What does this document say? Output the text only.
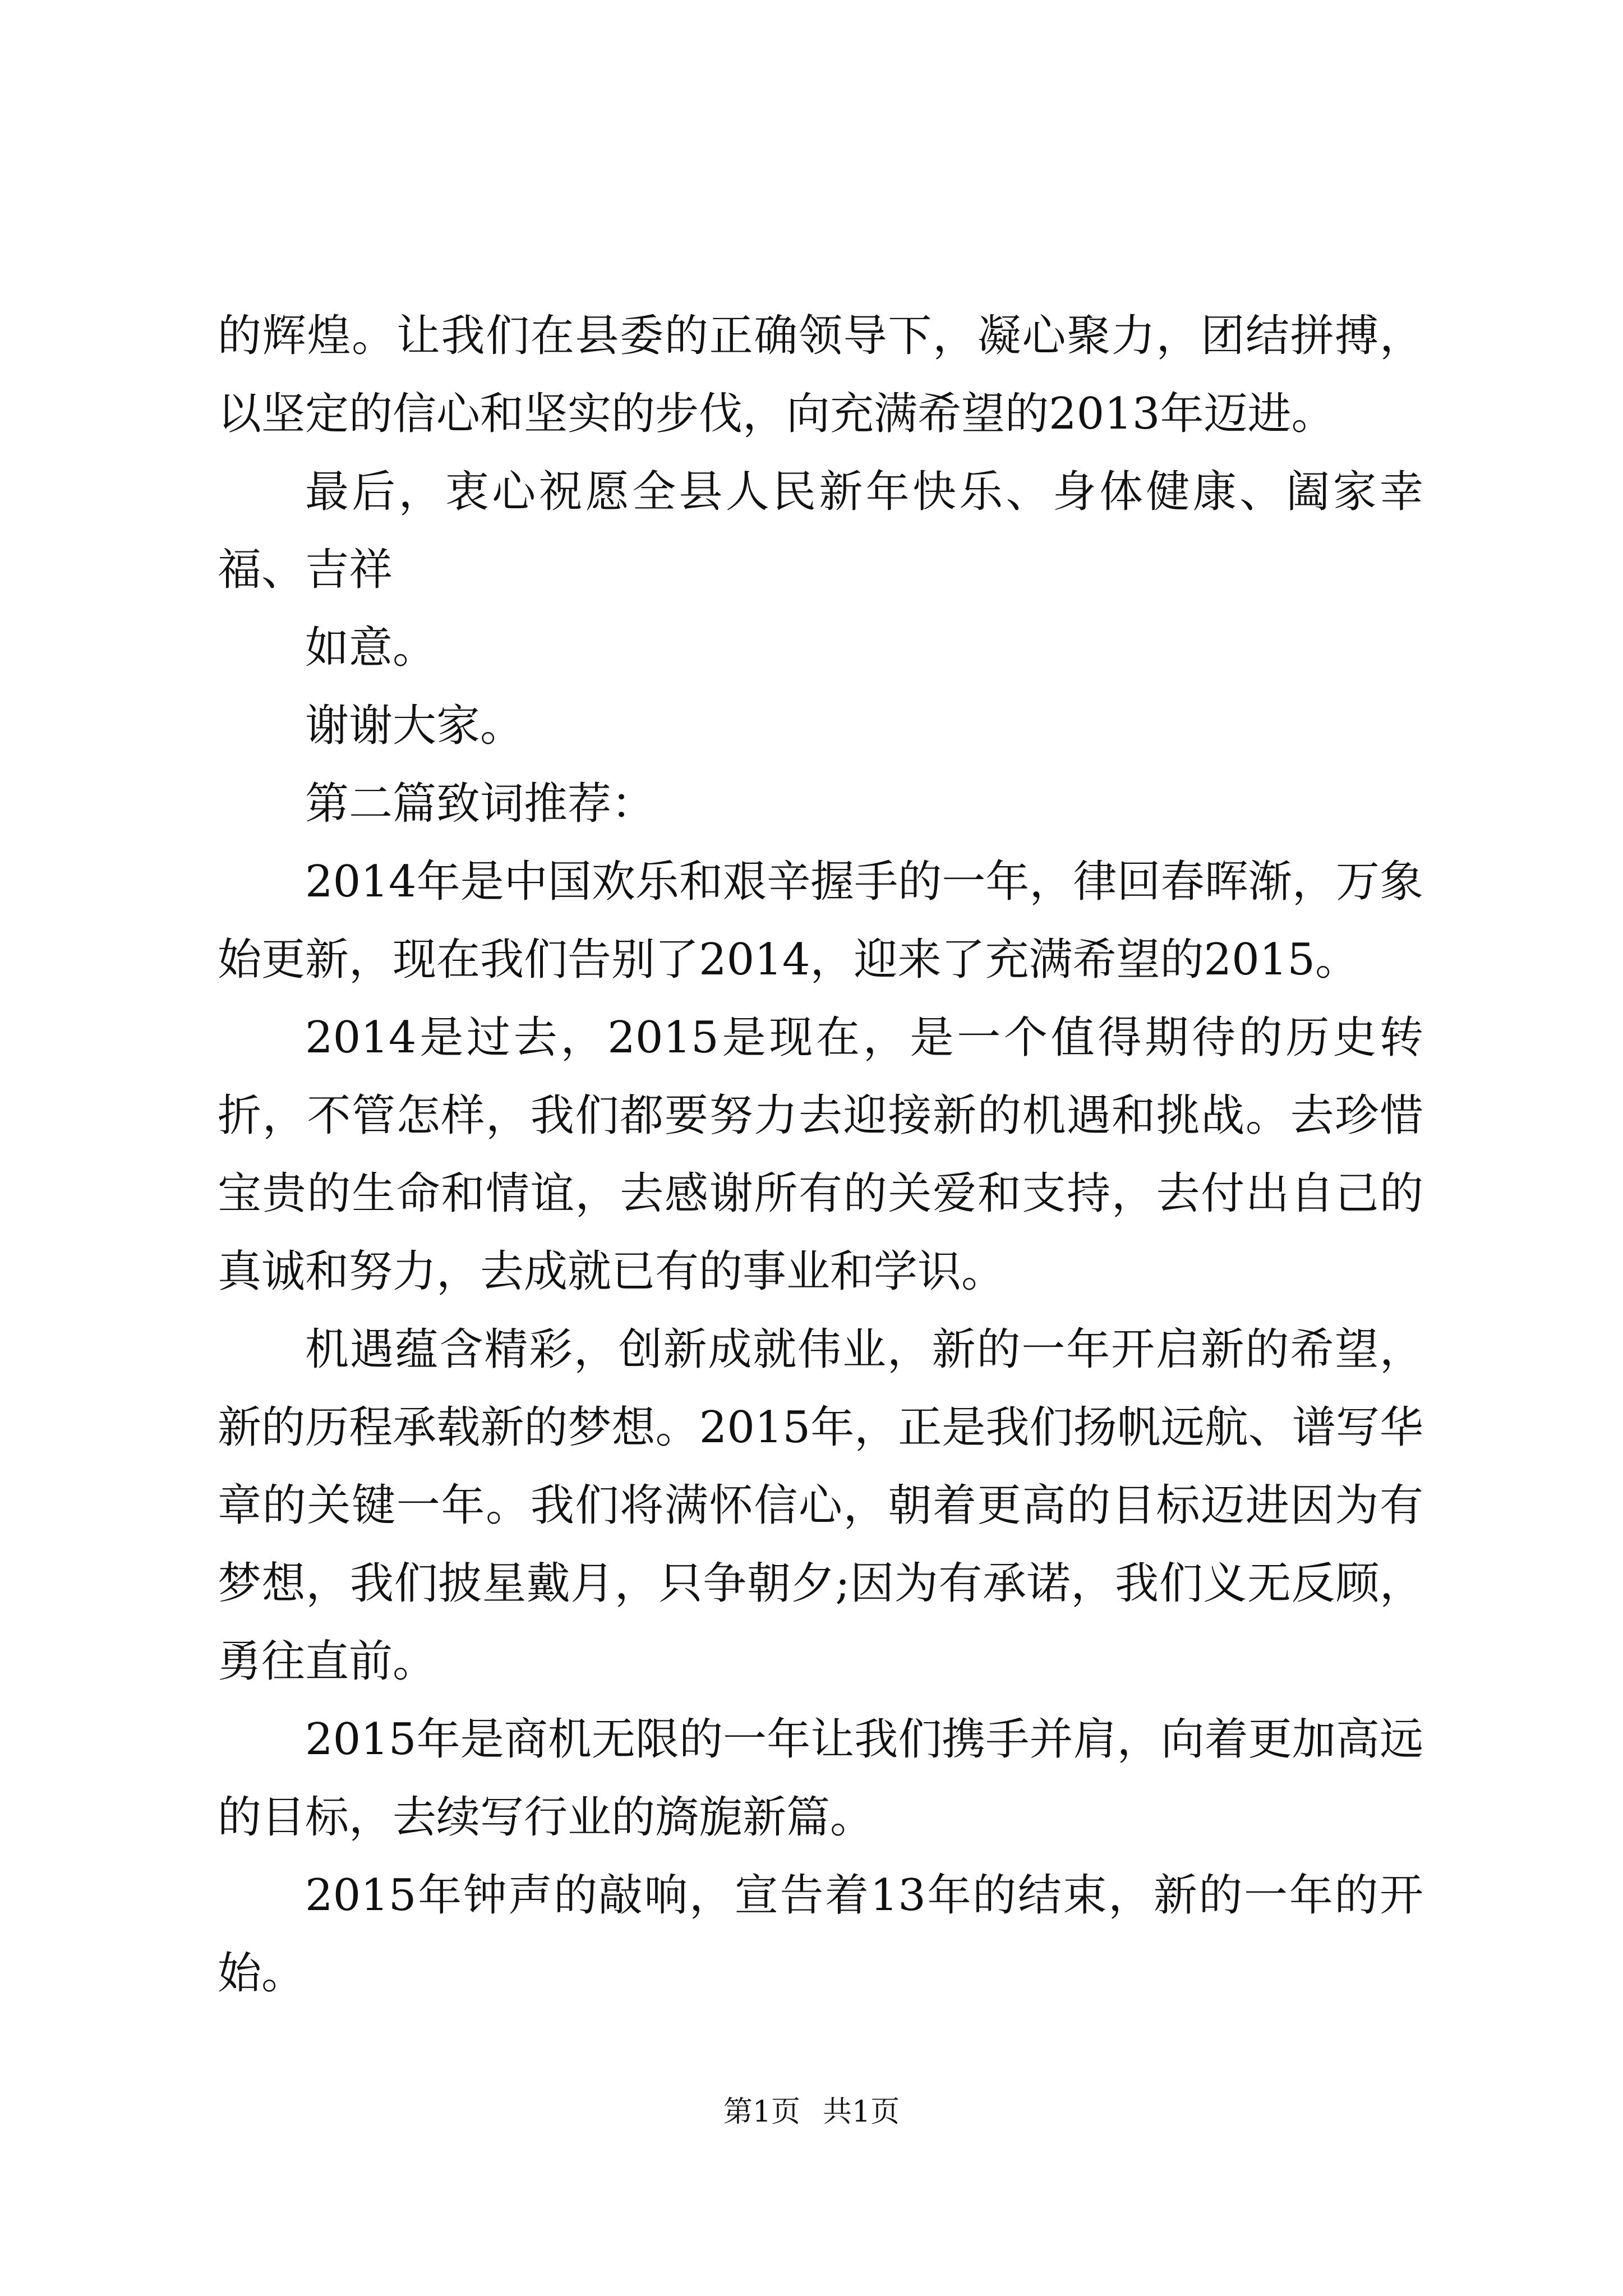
的辉煌。让我们在县委的正确领导下，凝心聚力，团结拼搏，以坚定的信心和坚实的步伐，向充满希望的2013年迈进。

最后，衷心祝愿全县人民新年快乐、身体健康、阖家幸福、吉祥

如意。

谢谢大家。

第二篇致词推荐：

2014年是中国欢乐和艰辛握手的一年，律回春晖渐，万象始更新，现在我们告别了2014，迎来了充满希望的2015。

2014是过去，2015是现在，是一个值得期待的历史转折，不管怎样，我们都要努力去迎接新的机遇和挑战。去珍惜宝贵的生命和情谊，去感谢所有的关爱和支持，去付出自己的真诚和努力，去成就已有的事业和学识。

机遇蕴含精彩，创新成就伟业，新的一年开启新的希望，新的历程承载新的梦想。2015年，正是我们扬帆远航、谱写华章的关键一年。我们将满怀信心，朝着更高的目标迈进因为有梦想，我们披星戴月，只争朝夕;因为有承诺，我们义无反顾，勇往直前。

2015年是商机无限的一年让我们携手并肩，向着更加高远的目标，去续写行业的旖旎新篇。

2015年钟声的敲响，宣告着13年的结束，新的一年的开始。

第1页 共1页
